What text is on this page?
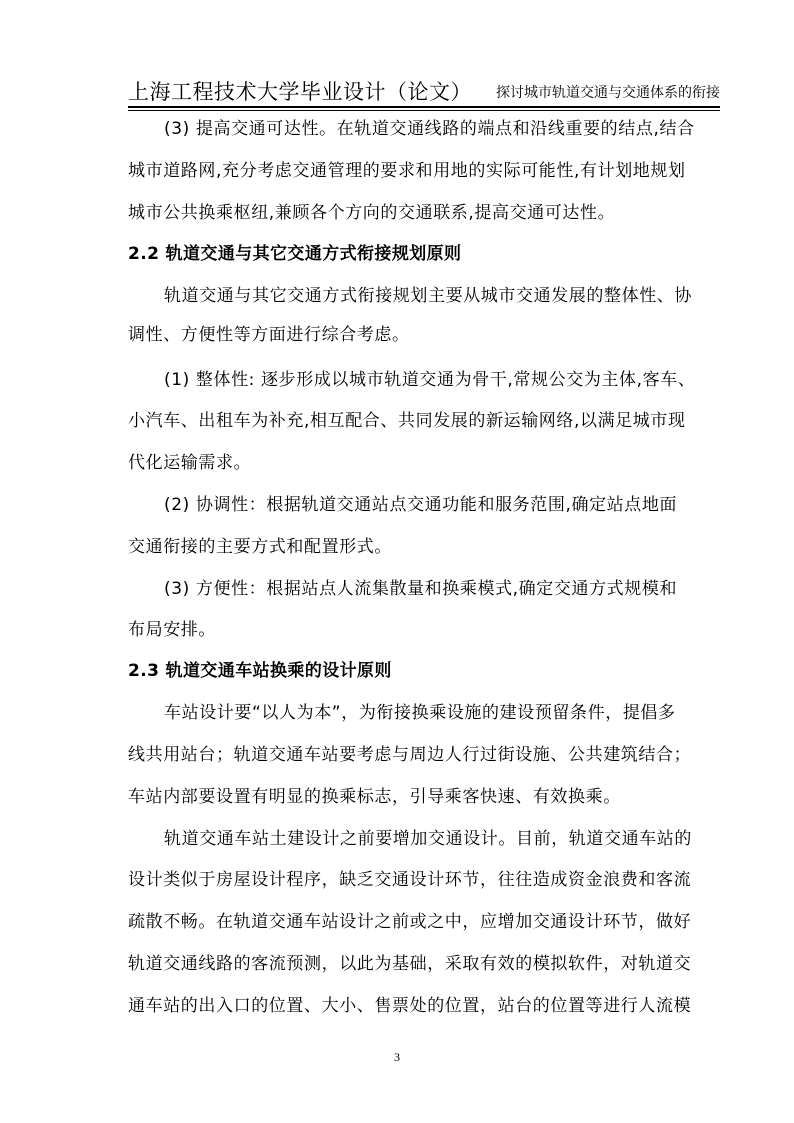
上海工程技术大学毕业设计（论文） 探讨城市轨道交通与交通体系的衔接
(3) 提高交通可达性。在轨道交通线路的端点和沿线重要的结点,结合
城市道路网,充分考虑交通管理的要求和用地的实际可能性,有计划地规划
城市公共换乘枢纽,兼顾各个方向的交通联系,提高交通可达性。
2.2 轨道交通与其它交通方式衔接规划原则
轨道交通与其它交通方式衔接规划主要从城市交通发展的整体性、协
调性、方便性等方面进行综合考虑。
(1) 整体性: 逐步形成以城市轨道交通为骨干,常规公交为主体,客车、
小汽车、出租车为补充,相互配合、共同发展的新运输网络,以满足城市现
代化运输需求。
(2) 协调性：根据轨道交通站点交通功能和服务范围,确定站点地面
交通衔接的主要方式和配置形式。
(3) 方便性：根据站点人流集散量和换乘模式,确定交通方式规模和
布局安排。
2.3 轨道交通车站换乘的设计原则
车站设计要“以人为本”，为衔接换乘设施的建设预留条件，提倡多
线共用站台；轨道交通车站要考虑与周边人行过街设施、公共建筑结合；
车站内部要设置有明显的换乘标志，引导乘客快速、有效换乘。
轨道交通车站土建设计之前要增加交通设计。目前，轨道交通车站的
设计类似于房屋设计程序，缺乏交通设计环节，往往造成资金浪费和客流
疏散不畅。在轨道交通车站设计之前或之中，应增加交通设计环节，做好
轨道交通线路的客流预测，以此为基础，采取有效的模拟软件，对轨道交
通车站的出入口的位置、大小、售票处的位置，站台的位置等进行人流模
3
